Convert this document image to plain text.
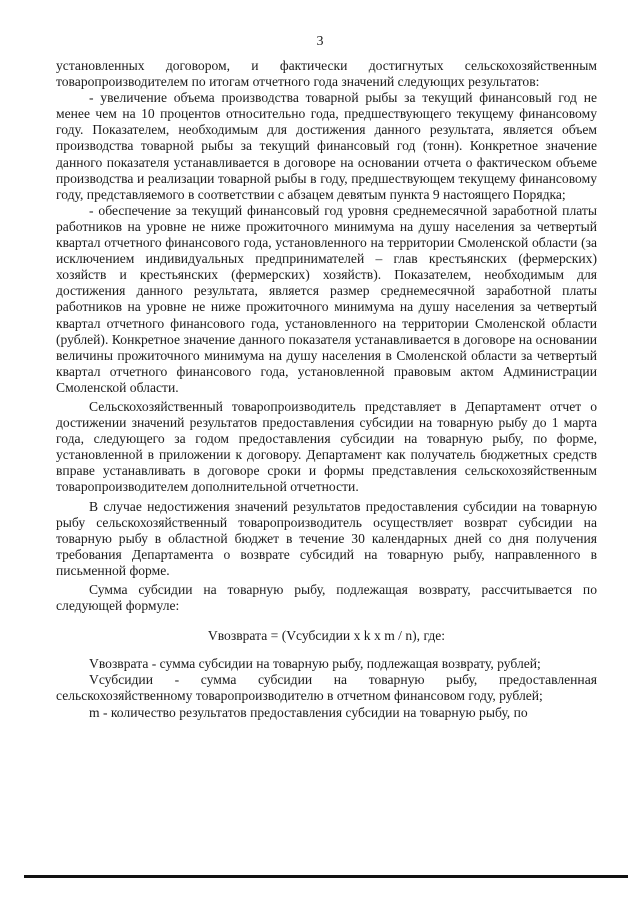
3

установленных договором, и фактически достигнутых сельскохозяйственным товаропроизводителем по итогам отчетного года значений следующих результатов:

- увеличение объема производства товарной рыбы за текущий финансовый год не менее чем на 10 процентов относительно года, предшествующего текущему финансовому году. Показателем, необходимым для достижения данного результата, является объем производства товарной рыбы за текущий финансовый год (тонн). Конкретное значение данного показателя устанавливается в договоре на основании отчета о фактическом объеме производства и реализации товарной рыбы в году, предшествующем текущему финансовому году, представляемого в соответствии с абзацем девятым пункта 9 настоящего Порядка;

- обеспечение за текущий финансовый год уровня среднемесячной заработной платы работников на уровне не ниже прожиточного минимума на душу населения за четвертый квартал отчетного финансового года, установленного на территории Смоленской области (за исключением индивидуальных предпринимателей – глав крестьянских (фермерских) хозяйств и крестьянских (фермерских) хозяйств). Показателем, необходимым для достижения данного результата, является размер среднемесячной заработной платы работников на уровне не ниже прожиточного минимума на душу населения за четвертый квартал отчетного финансового года, установленного на территории Смоленской области (рублей). Конкретное значение данного показателя устанавливается в договоре на основании величины прожиточного минимума на душу населения в Смоленской области за четвертый квартал отчетного финансового года, установленной правовым актом Администрации Смоленской области.

Сельскохозяйственный товаропроизводитель представляет в Департамент отчет о достижении значений результатов предоставления субсидии на товарную рыбу до 1 марта года, следующего за годом предоставления субсидии на товарную рыбу, по форме, установленной в приложении к договору. Департамент как получатель бюджетных средств вправе устанавливать в договоре сроки и формы представления сельскохозяйственным товаропроизводителем дополнительной отчетности.

В случае недостижения значений результатов предоставления субсидии на товарную рыбу сельскохозяйственный товаропроизводитель осуществляет возврат субсидии на товарную рыбу в областной бюджет в течение 30 календарных дней со дня получения требования Департамента о возврате субсидий на товарную рыбу, направленного в письменной форме.

Сумма субсидии на товарную рыбу, подлежащая возврату, рассчитывается по следующей формуле:

Vвозврата = (Vсубсидии x k x m / n), где:

Vвозврата - сумма субсидии на товарную рыбу, подлежащая возврату, рублей;

Vсубсидии - сумма субсидии на товарную рыбу, предоставленная сельскохозяйственному товаропроизводителю в отчетном финансовом году, рублей;

m - количество результатов предоставления субсидии на товарную рыбу, по
